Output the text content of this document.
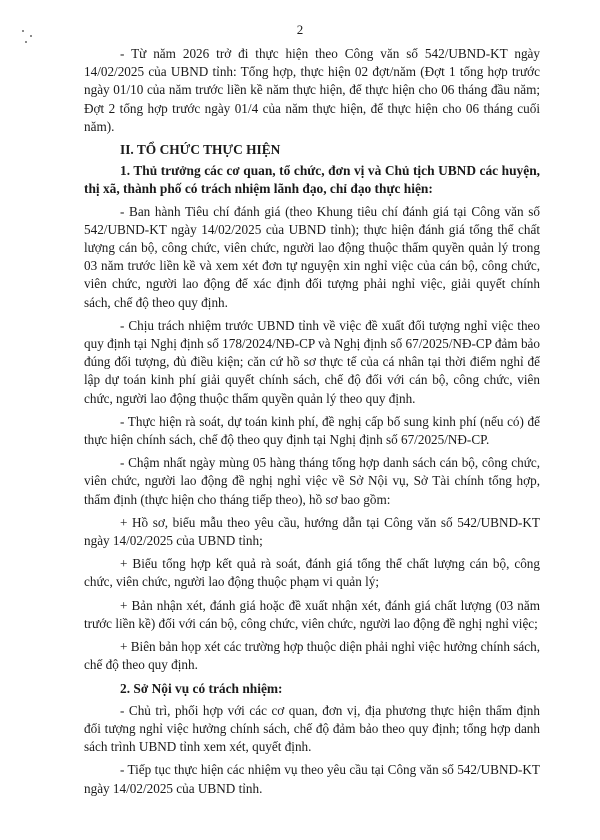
2

- Từ năm 2026 trở đi thực hiện theo Công văn số 542/UBND-KT ngày 14/02/2025 của UBND tỉnh: Tổng hợp, thực hiện 02 đợt/năm (Đợt 1 tổng hợp trước ngày 01/10 của năm trước liền kề năm thực hiện, để thực hiện cho 06 tháng đầu năm; Đợt 2 tổng hợp trước ngày 01/4 của năm thực hiện, để thực hiện cho 06 tháng cuối năm).

II. TỔ CHỨC THỰC HIỆN
1. Thủ trưởng các cơ quan, tổ chức, đơn vị và Chủ tịch UBND các huyện, thị xã, thành phố có trách nhiệm lãnh đạo, chỉ đạo thực hiện:

- Ban hành Tiêu chí đánh giá (theo Khung tiêu chí đánh giá tại Công văn số 542/UBND-KT ngày 14/02/2025 của UBND tỉnh); thực hiện đánh giá tổng thể chất lượng cán bộ, công chức, viên chức, người lao động thuộc thẩm quyền quản lý trong 03 năm trước liền kề và xem xét đơn tự nguyện xin nghỉ việc của cán bộ, công chức, viên chức, người lao động để xác định đối tượng phải nghỉ việc, giải quyết chính sách, chế độ theo quy định.

- Chịu trách nhiệm trước UBND tỉnh về việc đề xuất đối tượng nghỉ việc theo quy định tại Nghị định số 178/2024/NĐ-CP và Nghị định số 67/2025/NĐ-CP đảm bảo đúng đối tượng, đủ điều kiện; căn cứ hồ sơ thực tế của cá nhân tại thời điểm nghỉ để lập dự toán kinh phí giải quyết chính sách, chế độ đối với cán bộ, công chức, viên chức, người lao động thuộc thẩm quyền quản lý theo quy định.

- Thực hiện rà soát, dự toán kinh phí, đề nghị cấp bổ sung kinh phí (nếu có) để thực hiện chính sách, chế độ theo quy định tại Nghị định số 67/2025/NĐ-CP.

- Chậm nhất ngày mùng 05 hàng tháng tổng hợp danh sách cán bộ, công chức, viên chức, người lao động đề nghị nghỉ việc về Sở Nội vụ, Sở Tài chính tổng hợp, thẩm định (thực hiện cho tháng tiếp theo), hồ sơ bao gồm:

+ Hồ sơ, biểu mẫu theo yêu cầu, hướng dẫn tại Công văn số 542/UBND-KT ngày 14/02/2025 của UBND tỉnh;

+ Biểu tổng hợp kết quả rà soát, đánh giá tổng thể chất lượng cán bộ, công chức, viên chức, người lao động thuộc phạm vi quản lý;

+ Bản nhận xét, đánh giá hoặc đề xuất nhận xét, đánh giá chất lượng (03 năm trước liền kề) đối với cán bộ, công chức, viên chức, người lao động đề nghị nghỉ việc;

+ Biên bản họp xét các trường hợp thuộc diện phải nghỉ việc hưởng chính sách, chế độ theo quy định.

2. Sở Nội vụ có trách nhiệm:

- Chủ trì, phối hợp với các cơ quan, đơn vị, địa phương thực hiện thẩm định đối tượng nghỉ việc hưởng chính sách, chế độ đảm bảo theo quy định; tổng hợp danh sách trình UBND tỉnh xem xét, quyết định.

- Tiếp tục thực hiện các nhiệm vụ theo yêu cầu tại Công văn số 542/UBND-KT ngày 14/02/2025 của UBND tỉnh.
